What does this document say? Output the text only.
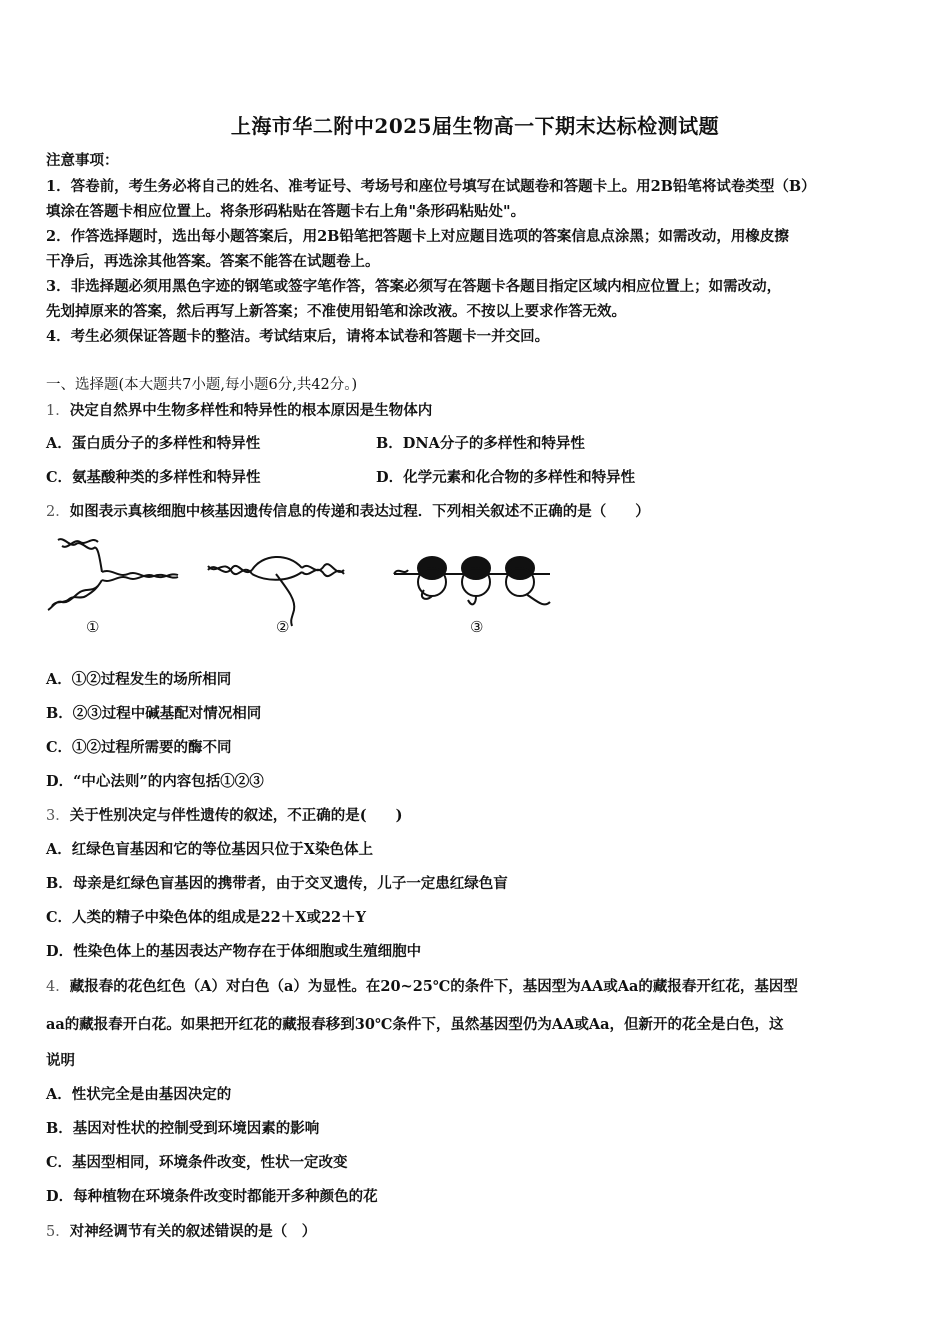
上海市华二附中2025届生物高一下期末达标检测试题
注意事项：
1．答卷前，考生务必将自己的姓名、准考证号、考场号和座位号填写在试题卷和答题卡上。用2B铅笔将试卷类型（B）
填涂在答题卡相应位置上。将条形码粘贴在答题卡右上角"条形码粘贴处"。
2．作答选择题时，选出每小题答案后，用2B铅笔把答题卡上对应题目选项的答案信息点涂黑；如需改动，用橡皮擦
干净后，再选涂其他答案。答案不能答在试题卷上。
3．非选择题必须用黑色字迹的钢笔或签字笔作答，答案必须写在答题卡各题目指定区域内相应位置上；如需改动，
先划掉原来的答案，然后再写上新答案；不准使用铅笔和涂改液。不按以上要求作答无效。
4．考生必须保证答题卡的整洁。考试结束后，请将本试卷和答题卡一并交回。
一、选择题(本大题共7小题,每小题6分,共42分。)
1．决定自然界中生物多样性和特异性的根本原因是生物体内
A．蛋白质分子的多样性和特异性	B．DNA分子的多样性和特异性
C．氨基酸种类的多样性和特异性	D．化学元素和化合物的多样性和特异性
2．如图表示真核细胞中核基因遗传信息的传递和表达过程．下列相关叙述不正确的是（　　）
①	②	③
A．①②过程发生的场所相同
B．②③过程中碱基配对情况相同
C．①②过程所需要的酶不同
D．“中心法则”的内容包括①②③
3．关于性别决定与伴性遗传的叙述，不正确的是(　　)
A．红绿色盲基因和它的等位基因只位于X染色体上
B．母亲是红绿色盲基因的携带者，由于交叉遗传，儿子一定患红绿色盲
C．人类的精子中染色体的组成是22＋X或22＋Y
D．性染色体上的基因表达产物存在于体细胞或生殖细胞中
4．藏报春的花色红色（A）对白色（a）为显性。在20~25℃的条件下，基因型为AA或Aa的藏报春开红花，基因型
aa的藏报春开白花。如果把开红花的藏报春移到30℃条件下，虽然基因型仍为AA或Aa，但新开的花全是白色，这
说明
A．性状完全是由基因决定的
B．基因对性状的控制受到环境因素的影响
C．基因型相同，环境条件改变，性状一定改变
D．每种植物在环境条件改变时都能开多种颜色的花
5．对神经调节有关的叙述错误的是（　）
